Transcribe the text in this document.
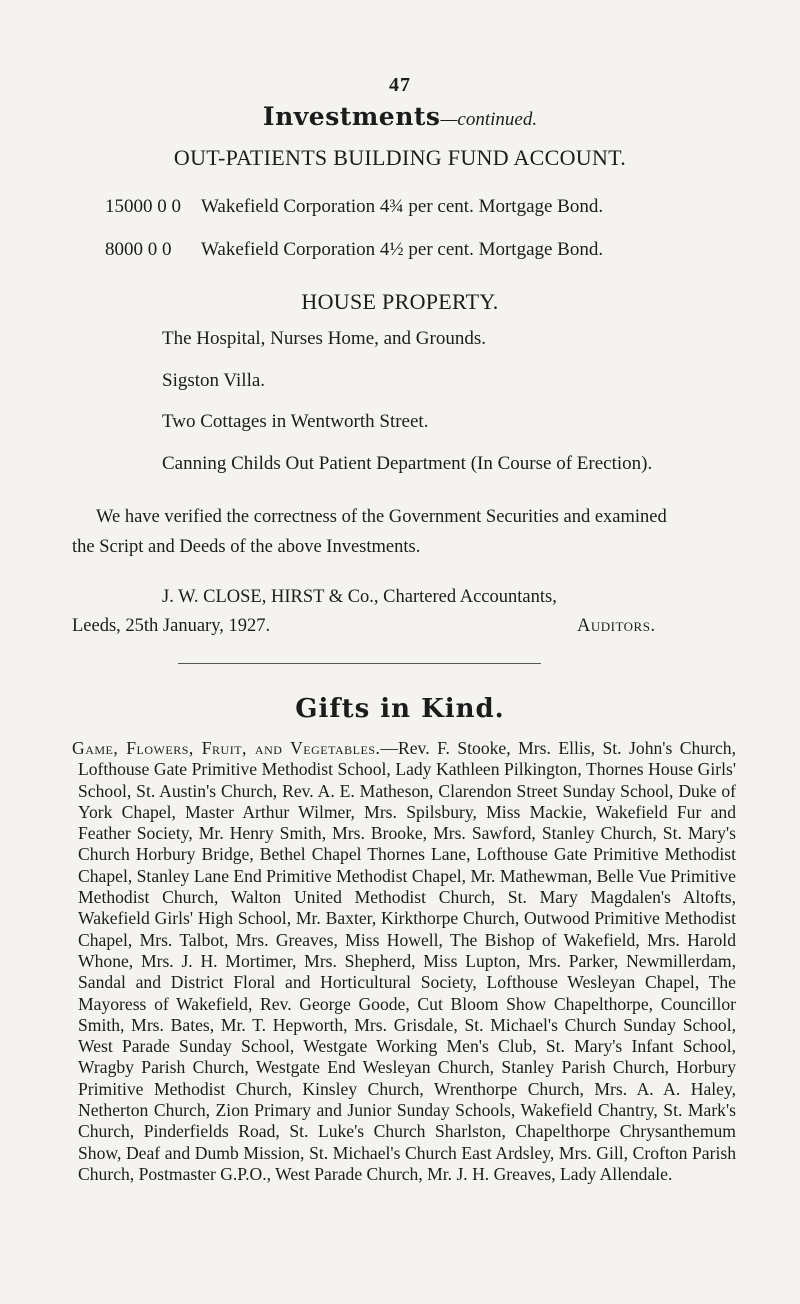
47
Investments—continued.
OUT-PATIENTS BUILDING FUND ACCOUNT.
15000 0 0 Wakefield Corporation 4¾ per cent. Mortgage Bond.
8000 0 0 Wakefield Corporation 4½ per cent. Mortgage Bond.
HOUSE PROPERTY.
The Hospital, Nurses Home, and Grounds.
Sigston Villa.
Two Cottages in Wentworth Street.
Canning Childs Out Patient Department (In Course of Erection).
We have verified the correctness of the Government Securities and examined
the Script and Deeds of the above Investments.
J. W. CLOSE, HIRST & Co., Chartered Accountants,
Leeds, 25th January, 1927.	Auditors.
Gifts in Kind.
Game, Flowers, Fruit, and Vegetables.—Rev. F. Stooke, Mrs. Ellis, St. John's Church, Lofthouse Gate Primitive Methodist School, Lady Kathleen Pilkington, Thornes House Girls' School, St. Austin's Church, Rev. A. E. Matheson, Clarendon Street Sunday School, Duke of York Chapel, Master Arthur Wilmer, Mrs. Spilsbury, Miss Mackie, Wakefield Fur and Feather Society, Mr. Henry Smith, Mrs. Brooke, Mrs. Sawford, Stanley Church, St. Mary's Church Horbury Bridge, Bethel Chapel Thornes Lane, Lofthouse Gate Primitive Methodist Chapel, Stanley Lane End Primitive Methodist Chapel, Mr. Mathewman, Belle Vue Primitive Methodist Church, Walton United Methodist Church, St. Mary Magdalen's Altofts, Wakefield Girls' High School, Mr. Baxter, Kirkthorpe Church, Outwood Primitive Methodist Chapel, Mrs. Talbot, Mrs. Greaves, Miss Howell, The Bishop of Wakefield, Mrs. Harold Whone, Mrs. J. H. Mortimer, Mrs. Shepherd, Miss Lupton, Mrs. Parker, Newmillerdam, Sandal and District Floral and Horticultural Society, Lofthouse Wesleyan Chapel, The Mayoress of Wakefield, Rev. George Goode, Cut Bloom Show Chapelthorpe, Councillor Smith, Mrs. Bates, Mr. T. Hepworth, Mrs. Grisdale, St. Michael's Church Sunday School, West Parade Sunday School, Westgate Working Men's Club, St. Mary's Infant School, Wragby Parish Church, Westgate End Wesleyan Church, Stanley Parish Church, Horbury Primitive Methodist Church, Kinsley Church, Wrenthorpe Church, Mrs. A. A. Haley, Netherton Church, Zion Primary and Junior Sunday Schools, Wakefield Chantry, St. Mark's Church, Pinderfields Road, St. Luke's Church Sharlston, Chapelthorpe Chrysanthemum Show, Deaf and Dumb Mission, St. Michael's Church East Ardsley, Mrs. Gill, Crofton Parish Church, Postmaster G.P.O., West Parade Church, Mr. J. H. Greaves, Lady Allendale.
